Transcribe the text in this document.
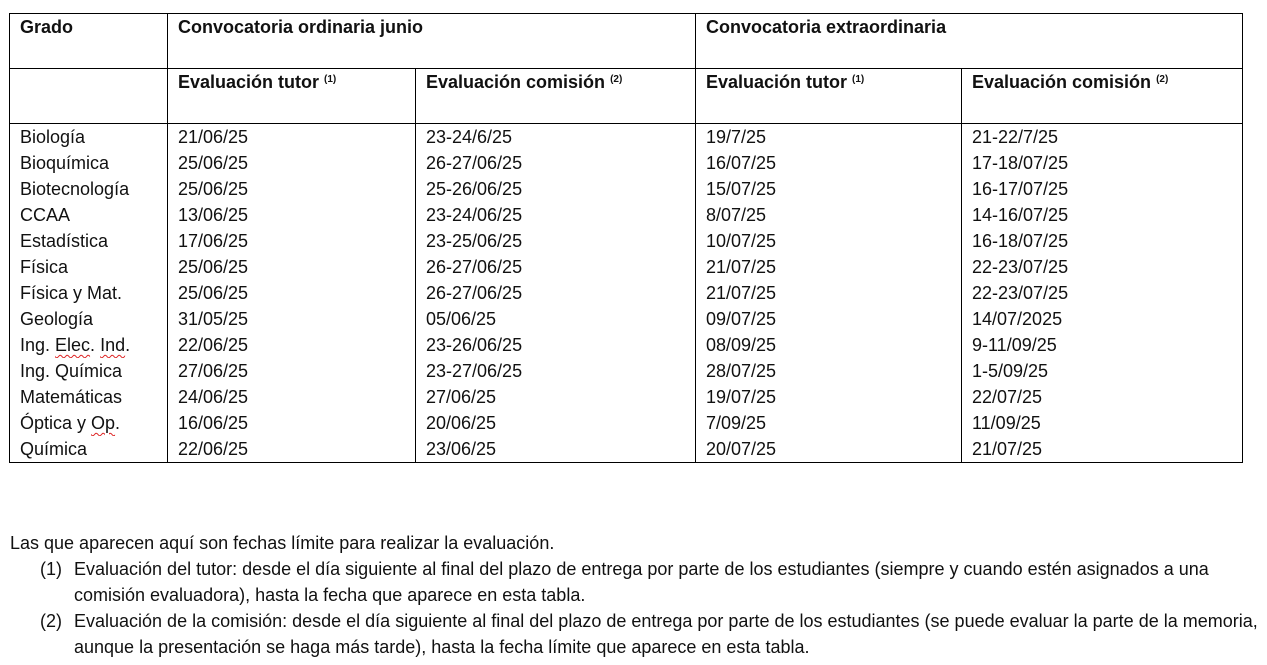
Grado	Convocatoria ordinaria junio		Convocatoria extraordinaria	
	Evaluación tutor $^{(1)}$	Evaluación comisión $^{(2)}$	Evaluación tutor $^{(1)}$	Evaluación comisión $^{(2)}$
Biología	21/06/25	23-24/6/25	19/7/25	21-22/7/25
Bioquímica	25/06/25	26-27/06/25	16/07/25	17-18/07/25
Biotecnología	25/06/25	25-26/06/25	15/07/25	16-17/07/25
CCAA	13/06/25	23-24/06/25	8/07/25	14-16/07/25
Estadística	17/06/25	23-25/06/25	10/07/25	16-18/07/25
Física	25/06/25	26-27/06/25	21/07/25	22-23/07/25
Física y Mat.	25/06/25	26-27/06/25	21/07/25	22-23/07/25
Geología	31/05/25	05/06/25	09/07/25	14/07/2025
Ing. Elec. Ind.	22/06/25	23-26/06/25	08/09/25	9-11/09/25
Ing. Química	27/06/25	23-27/06/25	28/07/25	1-5/09/25
Matemáticas	24/06/25	27/06/25	19/07/25	22/07/25
Óptica y Op.	16/06/25	20/06/25	7/09/25	11/09/25
Química	22/06/25	23/06/25	20/07/25	21/07/25

Las que aparecen aquí son fechas límite para realizar la evaluación.

(1) Evaluación del tutor: desde el día siguiente al final del plazo de entrega por parte de los estudiantes (siempre y cuando estén asignados a una comisión evaluadora), hasta la fecha que aparece en esta tabla.
(2) Evaluación de la comisión: desde el día siguiente al final del plazo de entrega por parte de los estudiantes (se puede evaluar la parte de la memoria, aunque la presentación se haga más tarde), hasta la fecha límite que aparece en esta tabla.
